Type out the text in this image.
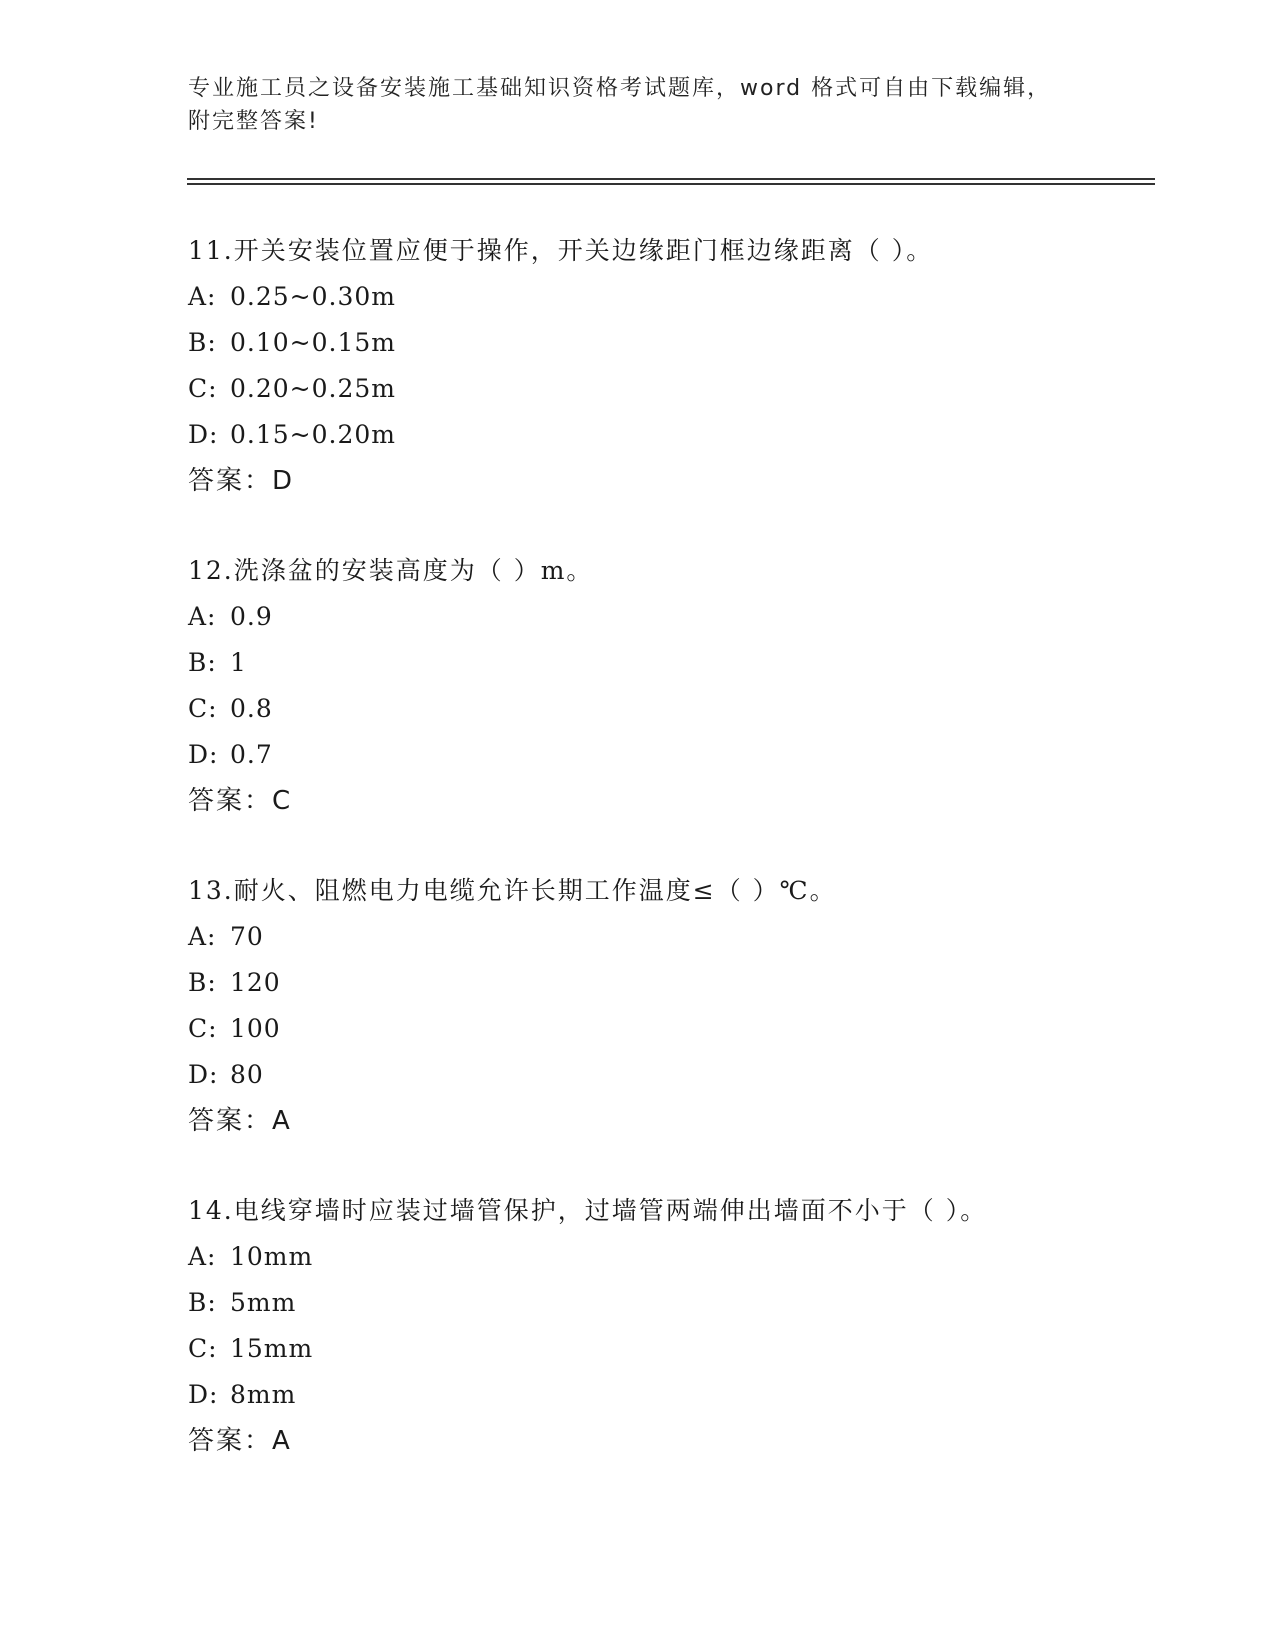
专业施工员之设备安装施工基础知识资格考试题库，word 格式可自由下载编辑，
附完整答案!
11.开关安装位置应便于操作，开关边缘距门框边缘距离（ ）。
A: 0.25~0.30m
B: 0.10~0.15m
C: 0.20~0.25m
D: 0.15~0.20m
答案：D
12.洗涤盆的安装高度为（ ）m。
A: 0.9
B: 1
C: 0.8
D: 0.7
答案：C
13.耐火、阻燃电力电缆允许长期工作温度≤（ ）℃。
A: 70
B: 120
C: 100
D: 80
答案：A
14.电线穿墙时应装过墙管保护，过墙管两端伸出墙面不小于（ ）。
A: 10mm
B: 5mm
C: 15mm
D: 8mm
答案：A
